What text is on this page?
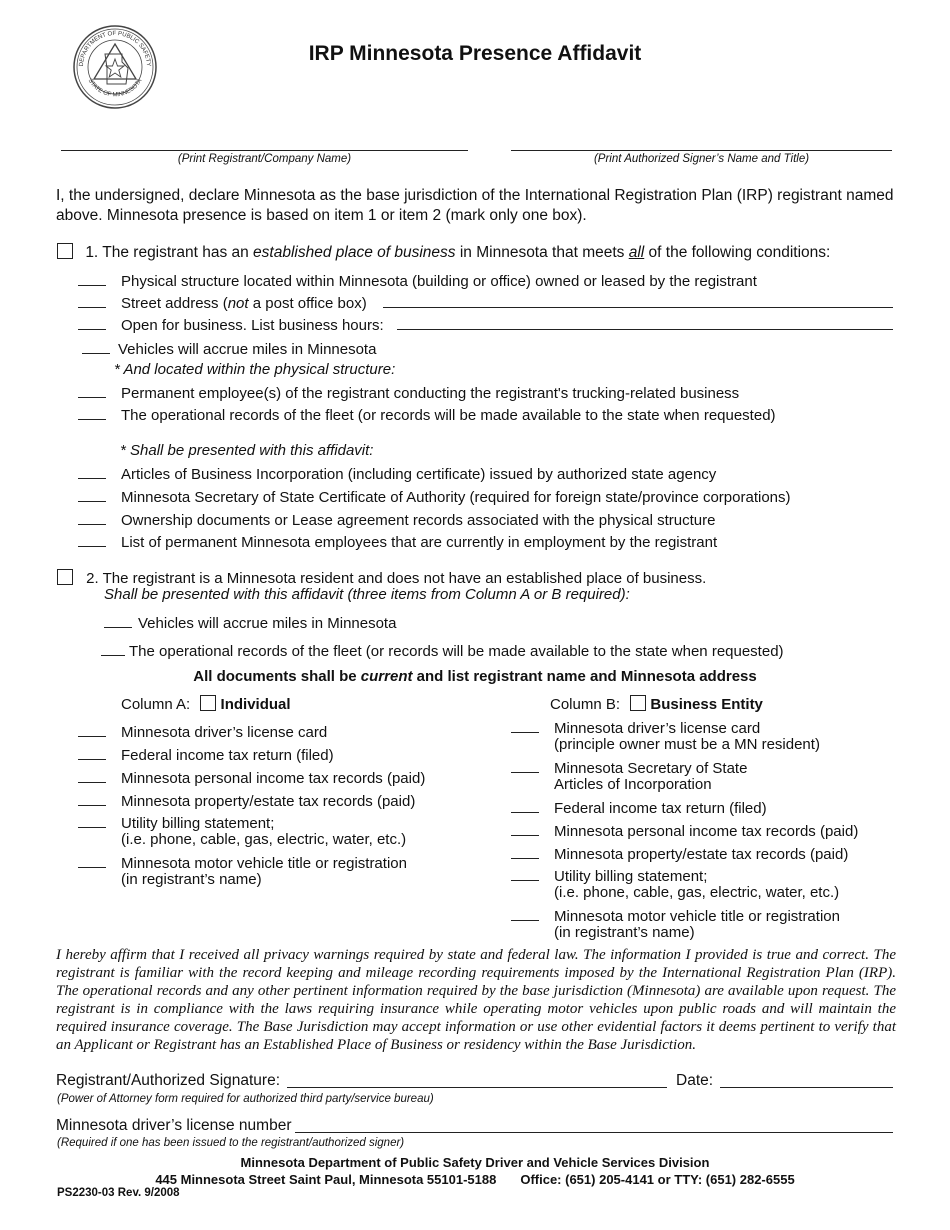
DEPARTMENT OF PUBLIC SAFETY
STATE OF MINNESOTA
IRP Minnesota Presence Affidavit
(Print Registrant/Company Name)	(Print Authorized Signer’s Name and Title)
I, the undersigned, declare Minnesota as the base jurisdiction of the International Registration Plan (IRP) registrant named above. Minnesota presence is based on item 1 or item 2 (mark only one box).
1. The registrant has an established place of business in Minnesota that meets all of the following conditions:
Physical structure located within Minnesota (building or office) owned or leased by the registrant
Street address (not a post office box)
Open for business. List business hours:
Vehicles will accrue miles in Minnesota
* And located within the physical structure:
Permanent employee(s) of the registrant conducting the registrant's trucking-related business
The operational records of the fleet (or records will be made available to the state when requested)
* Shall be presented with this affidavit:
Articles of Business Incorporation (including certificate) issued by authorized state agency
Minnesota Secretary of State Certificate of Authority (required for foreign state/province corporations)
Ownership documents or Lease agreement records associated with the physical structure
List of permanent Minnesota employees that are currently in employment by the registrant
2. The registrant is a Minnesota resident and does not have an established place of business.
Shall be presented with this affidavit (three items from Column A or B required):
Vehicles will accrue miles in Minnesota
The operational records of the fleet (or records will be made available to the state when requested)
All documents shall be current and list registrant name and Minnesota address
Column A: Individual
Minnesota driver’s license card
Federal income tax return (filed)
Minnesota personal income tax records (paid)
Minnesota property/estate tax records (paid)
Utility billing statement;
(i.e. phone, cable, gas, electric, water, etc.)
Minnesota motor vehicle title or registration
(in registrant’s name)
Column B: Business Entity
Minnesota driver’s license card
(principle owner must be a MN resident)
Minnesota Secretary of State
Articles of Incorporation
Federal income tax return (filed)
Minnesota personal income tax records (paid)
Minnesota property/estate tax records (paid)
Utility billing statement;
(i.e. phone, cable, gas, electric, water, etc.)
Minnesota motor vehicle title or registration
(in registrant’s name)
I hereby affirm that I received all privacy warnings required by state and federal law. The information I provided is true and correct. The registrant is familiar with the record keeping and mileage recording requirements imposed by the International Registration Plan (IRP). The operational records and any other pertinent information required by the base jurisdiction (Minnesota) are available upon request. The registrant is in compliance with the laws requiring insurance while operating motor vehicles upon public roads and will maintain the required insurance coverage. The Base Jurisdiction may accept information or use other evidential factors it deems pertinent to verify that an Applicant or Registrant has an Established Place of Business or residency within the Base Jurisdiction.
Registrant/Authorized Signature:	Date:
(Power of Attorney form required for authorized third party/service bureau)
Minnesota driver’s license number
(Required if one has been issued to the registrant/authorized signer)
Minnesota Department of Public Safety Driver and Vehicle Services Division
445 Minnesota Street Saint Paul, Minnesota 55101-5188 Office: (651) 205-4141 or TTY: (651) 282-6555
PS2230-03 Rev. 9/2008
